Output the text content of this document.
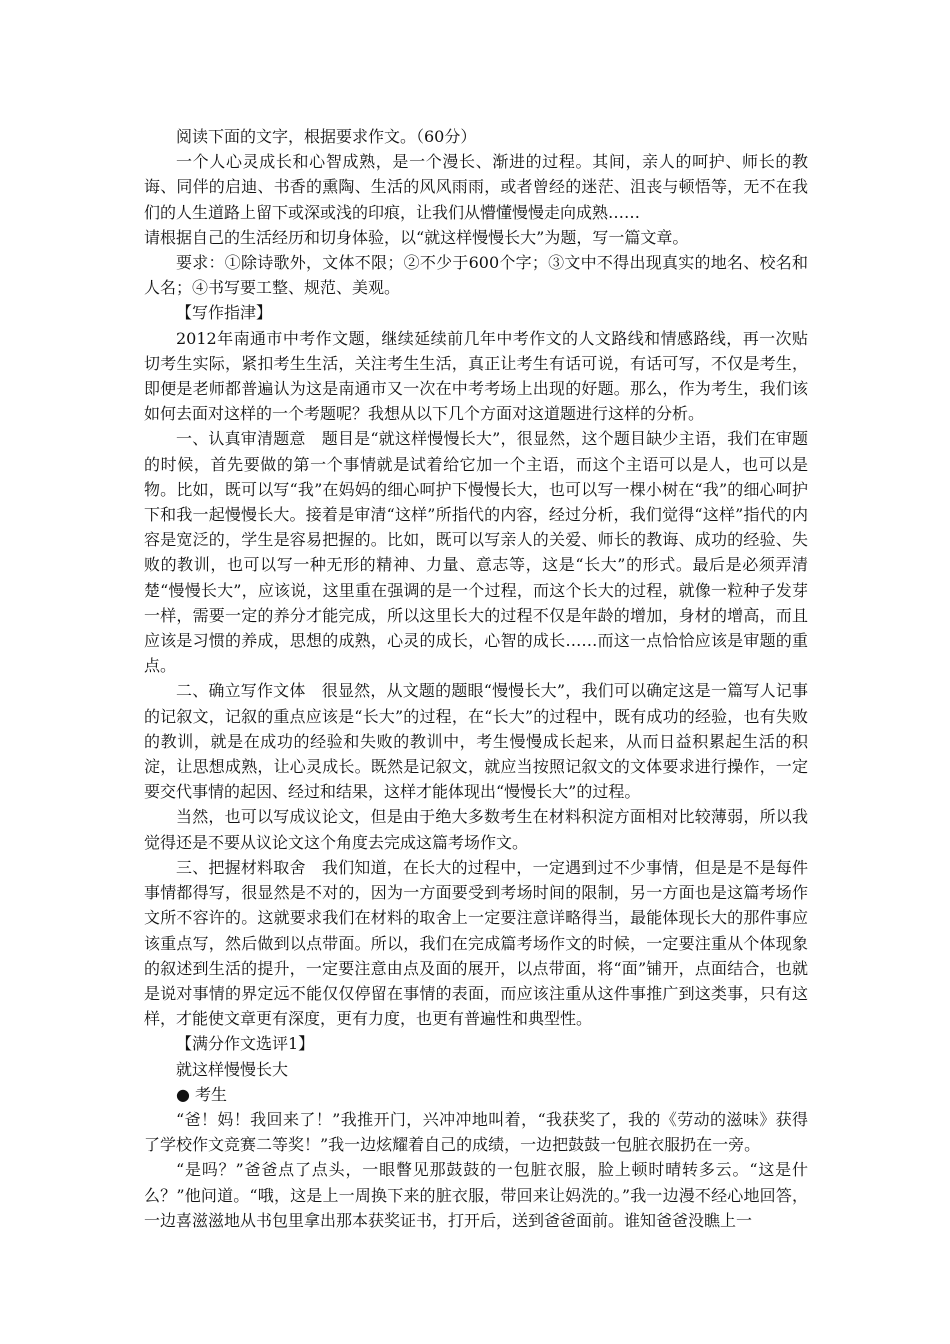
阅读下面的文字，根据要求作文。（60分）

一个人心灵成长和心智成熟，是一个漫长、渐进的过程。其间，亲人的呵护、师长的教诲、同伴的启迪、书香的熏陶、生活的风风雨雨，或者曾经的迷茫、沮丧与顿悟等，无不在我们的人生道路上留下或深或浅的印痕，让我们从懵懂慢慢走向成熟……

请根据自己的生活经历和切身体验，以“就这样慢慢长大”为题，写一篇文章。

要求：①除诗歌外，文体不限；②不少于600个字；③文中不得出现真实的地名、校名和人名；④书写要工整、规范、美观。

【写作指津】

2012年南通市中考作文题，继续延续前几年中考作文的人文路线和情感路线，再一次贴切考生实际，紧扣考生生活，关注考生生活，真正让考生有话可说，有话可写，不仅是考生，即便是老师都普遍认为这是南通市又一次在中考考场上出现的好题。那么，作为考生，我们该如何去面对这样的一个考题呢？我想从以下几个方面对这道题进行这样的分析。

一、认真审清题意　题目是“就这样慢慢长大”，很显然，这个题目缺少主语，我们在审题的时候，首先要做的第一个事情就是试着给它加一个主语，而这个主语可以是人，也可以是物。比如，既可以写“我”在妈妈的细心呵护下慢慢长大，也可以写一棵小树在“我”的细心呵护下和我一起慢慢长大。接着是审清“这样”所指代的内容，经过分析，我们觉得“这样”指代的内容是宽泛的，学生是容易把握的。比如，既可以写亲人的关爱、师长的教诲、成功的经验、失败的教训，也可以写一种无形的精神、力量、意志等，这是“长大”的形式。最后是必须弄清楚“慢慢长大”，应该说，这里重在强调的是一个过程，而这个长大的过程，就像一粒种子发芽一样，需要一定的养分才能完成，所以这里长大的过程不仅是年龄的增加，身材的增高，而且应该是习惯的养成，思想的成熟，心灵的成长，心智的成长……而这一点恰恰应该是审题的重点。

二、确立写作文体　很显然，从文题的题眼“慢慢长大”，我们可以确定这是一篇写人记事的记叙文，记叙的重点应该是“长大”的过程，在“长大”的过程中，既有成功的经验，也有失败的教训，就是在成功的经验和失败的教训中，考生慢慢成长起来，从而日益积累起生活的积淀，让思想成熟，让心灵成长。既然是记叙文，就应当按照记叙文的文体要求进行操作，一定要交代事情的起因、经过和结果，这样才能体现出“慢慢长大”的过程。

当然，也可以写成议论文，但是由于绝大多数考生在材料积淀方面相对比较薄弱，所以我觉得还是不要从议论文这个角度去完成这篇考场作文。

三、把握材料取舍　我们知道，在长大的过程中，一定遇到过不少事情，但是是不是每件事情都得写，很显然是不对的，因为一方面要受到考场时间的限制，另一方面也是这篇考场作文所不容许的。这就要求我们在材料的取舍上一定要注意详略得当，最能体现长大的那件事应该重点写，然后做到以点带面。所以，我们在完成篇考场作文的时候，一定要注重从个体现象的叙述到生活的提升，一定要注意由点及面的展开，以点带面，将“面”铺开，点面结合，也就是说对事情的界定远不能仅仅停留在事情的表面，而应该注重从这件事推广到这类事，只有这样，才能使文章更有深度，更有力度，也更有普遍性和典型性。

【满分作文选评1】

就这样慢慢长大

● 考生

“爸！妈！我回来了！”我推开门，兴冲冲地叫着，“我获奖了，我的《劳动的滋味》获得了学校作文竞赛二等奖！”我一边炫耀着自己的成绩，一边把鼓鼓一包脏衣服扔在一旁。

“是吗？”爸爸点了点头，一眼瞥见那鼓鼓的一包脏衣服，脸上顿时晴转多云。“这是什么？”他问道。“哦，这是上一周换下来的脏衣服，带回来让妈洗的。”我一边漫不经心地回答，一边喜滋滋地从书包里拿出那本获奖证书，打开后，送到爸爸面前。谁知爸爸没瞧上一
